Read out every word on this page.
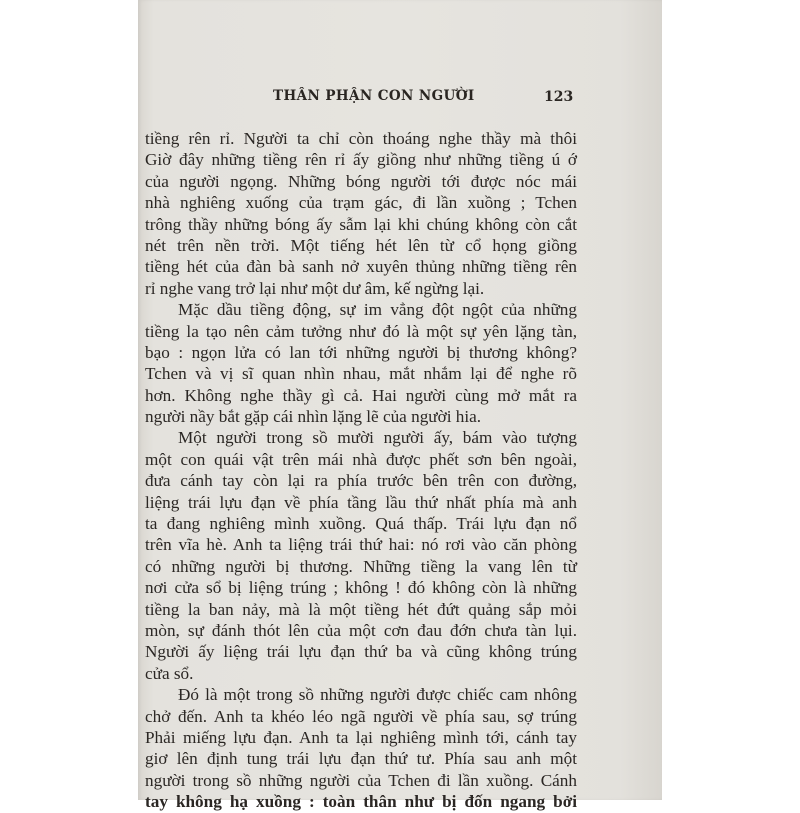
THÂN PHẬN CON NGƯỜI	123
tiềng rên rỉ. Người ta chỉ còn thoáng nghe thầy mà thôi
Giờ đây những tiềng rên rỉ ấy giồng như những tiềng ú ớ
của người ngọng. Những bóng người tới được nóc mái
nhà nghiêng xuống của trạm gác, đi lần xuồng ; Tchen
trông thầy những bóng ấy sẫm lại khi chúng không còn cắt
nét trên nền trời. Một tiếng hét lên từ cổ họng giồng
tiềng hét của đàn bà sanh nở xuyên thủng những tiềng rên
rỉ nghe vang trở lại như một dư âm, kế ngừng lại.
Mặc dầu tiềng động, sự im vẳng đột ngột của những
tiềng la tạo nên cảm tưởng như đó là một sự yên lặng tàn,
bạo : ngọn lửa có lan tới những người bị thương không?
Tchen và vị sĩ quan nhìn nhau, mắt nhắm lại để nghe rõ
hơn. Không nghe thầy gì cả. Hai người cùng mở mắt ra
người nầy bắt gặp cái nhìn lặng lẽ của người hia.
Một người trong sồ mười người ấy, bám vào tượng
một con quái vật trên mái nhà được phết sơn bên ngoài,
đưa cánh tay còn lại ra phía trước bên trên con đường,
liệng trái lựu đạn về phía tầng lầu thứ nhất phía mà anh
ta đang nghiêng mình xuồng. Quá thấp. Trái lựu đạn nổ
trên vĩa hè. Anh ta liệng trái thứ hai: nó rơi vào căn phòng
có những người bị thương. Những tiềng la vang lên từ
nơi cửa sổ bị liệng trúng ; không ! đó không còn là những
tiềng la ban nảy, mà là một tiềng hét đứt quảng sắp mỏi
mòn, sự đánh thót lên của một cơn đau đớn chưa tàn lụi.
Người ấy liệng trái lựu đạn thứ ba và cũng không trúng
cửa sổ.
Đó là một trong sồ những người được chiếc cam nhông
chở đến. Anh ta khéo léo ngã người về phía sau, sợ trúng
Phải miếng lựu đạn. Anh ta lại nghiêng mình tới, cánh tay
giơ lên định tung trái lựu đạn thứ tư. Phía sau anh một
người trong sồ những người của Tchen đi lần xuồng. Cánh
tay không hạ xuồng : toàn thân như bị đốn ngang bởi
